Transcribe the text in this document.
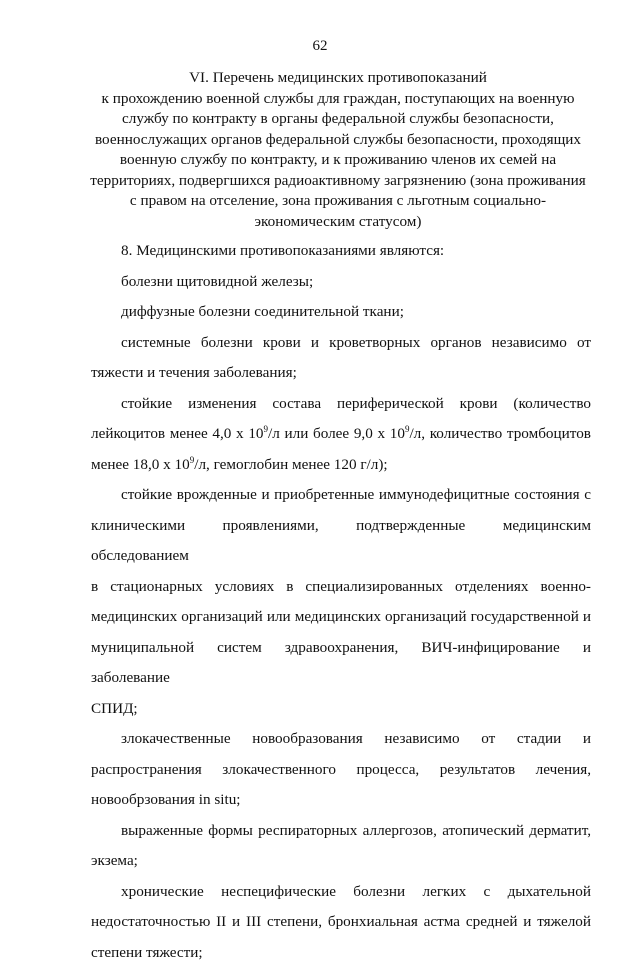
62
VI. Перечень медицинских противопоказаний
к прохождению военной службы для граждан, поступающих на военную
службу по контракту в органы федеральной службы безопасности,
военнослужащих органов федеральной службы безопасности, проходящих
военную службу по контракту, и к проживанию членов их семей на
территориях, подвергшихся радиоактивному загрязнению (зона проживания
с правом на отселение, зона проживания с льготным социально-
экономическим статусом)
8. Медицинскими противопоказаниями являются:
болезни щитовидной железы;
диффузные болезни соединительной ткани;
системные болезни крови и кроветворных органов независимо от
тяжести и течения заболевания;
стойкие изменения состава периферической крови (количество
лейкоцитов менее 4,0 х $10^9/л$ или более 9,0 х $10^9/л$, количество тромбоцитов
менее 18,0 х $10^9/л$, гемоглобин менее 120 г/л);
стойкие врожденные и приобретенные иммунодефицитные состояния с
клиническими проявлениями, подтвержденные медицинским обследованием
в стационарных условиях в специализированных отделениях военно-
медицинских организаций или медицинских организаций государственной и
муниципальной систем здравоохранения, ВИЧ-инфицирование и заболевание
СПИД;
злокачественные новообразования независимо от стадии и
распространения злокачественного процесса, результатов лечения,
новообрзования in situ;
выраженные формы респираторных аллергозов, атопический дерматит,
экзема;
хронические неспецифические болезни легких с дыхательной
недостаточностью II и III степени, бронхиальная астма средней и тяжелой
степени тяжести;
